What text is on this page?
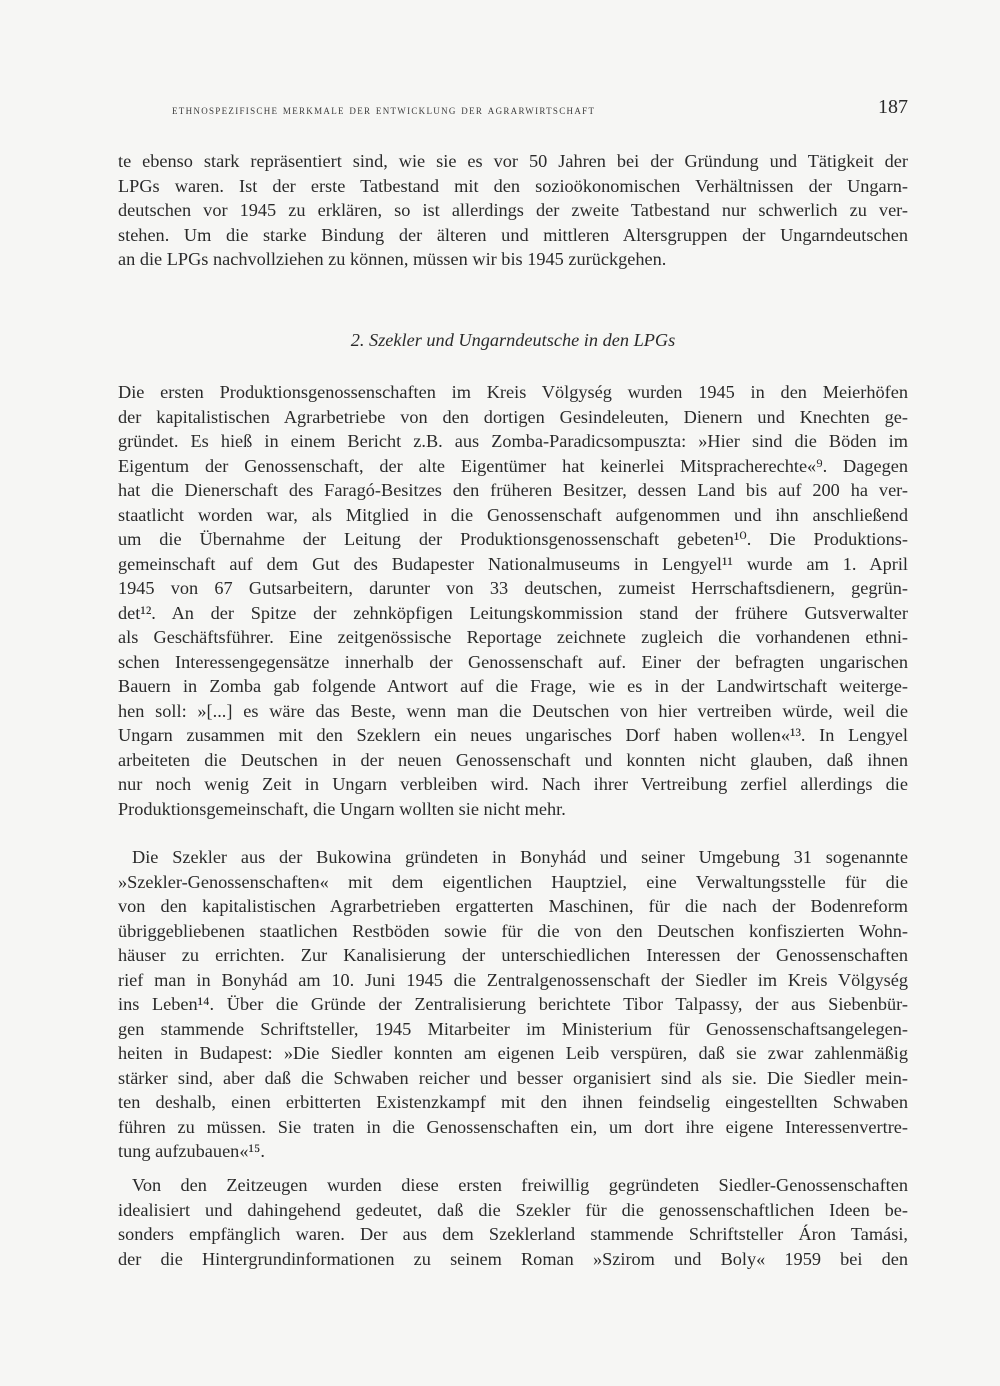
ethnospezifische merkmale der entwicklung der agrarwirtschaft	187
te ebenso stark repräsentiert sind, wie sie es vor 50 Jahren bei der Gründung und Tätigkeit der
LPGs waren. Ist der erste Tatbestand mit den sozioökonomischen Verhältnissen der Ungarn-
deutschen vor 1945 zu erklären, so ist allerdings der zweite Tatbestand nur schwerlich zu ver-
stehen. Um die starke Bindung der älteren und mittleren Altersgruppen der Ungarndeutschen
an die LPGs nachvollziehen zu können, müssen wir bis 1945 zurückgehen.
2. Szekler und Ungarndeutsche in den LPGs
Die ersten Produktionsgenossenschaften im Kreis Völgység wurden 1945 in den Meierhöfen
der kapitalistischen Agrarbetriebe von den dortigen Gesindeleuten, Dienern und Knechten ge-
gründet. Es hieß in einem Bericht z.B. aus Zomba-Paradicsompuszta: »Hier sind die Böden im
Eigentum der Genossenschaft, der alte Eigentümer hat keinerlei Mitspracherechte«⁹. Dagegen
hat die Dienerschaft des Faragó-Besitzes den früheren Besitzer, dessen Land bis auf 200 ha ver-
staatlicht worden war, als Mitglied in die Genossenschaft aufgenommen und ihn anschließend
um die Übernahme der Leitung der Produktionsgenossenschaft gebeten¹⁰. Die Produktions-
gemeinschaft auf dem Gut des Budapester Nationalmuseums in Lengyel¹¹ wurde am 1. April
1945 von 67 Gutsarbeitern, darunter von 33 deutschen, zumeist Herrschaftsdienern, gegrün-
det¹². An der Spitze der zehnköpfigen Leitungskommission stand der frühere Gutsverwalter
als Geschäftsführer. Eine zeitgenössische Reportage zeichnete zugleich die vorhandenen ethni-
schen Interessengegensätze innerhalb der Genossenschaft auf. Einer der befragten ungarischen
Bauern in Zomba gab folgende Antwort auf die Frage, wie es in der Landwirtschaft weiterge-
hen soll: »[...] es wäre das Beste, wenn man die Deutschen von hier vertreiben würde, weil die
Ungarn zusammen mit den Szeklern ein neues ungarisches Dorf haben wollen«¹³. In Lengyel
arbeiteten die Deutschen in der neuen Genossenschaft und konnten nicht glauben, daß ihnen
nur noch wenig Zeit in Ungarn verbleiben wird. Nach ihrer Vertreibung zerfiel allerdings die
Produktionsgemeinschaft, die Ungarn wollten sie nicht mehr.
Die Szekler aus der Bukowina gründeten in Bonyhád und seiner Umgebung 31 sogenannte
»Szekler-Genossenschaften« mit dem eigentlichen Hauptziel, eine Verwaltungsstelle für die
von den kapitalistischen Agrarbetrieben ergatterten Maschinen, für die nach der Bodenreform
übriggebliebenen staatlichen Restböden sowie für die von den Deutschen konfiszierten Wohn-
häuser zu errichten. Zur Kanalisierung der unterschiedlichen Interessen der Genossenschaften
rief man in Bonyhád am 10. Juni 1945 die Zentralgenossenschaft der Siedler im Kreis Völgység
ins Leben¹⁴. Über die Gründe der Zentralisierung berichtete Tibor Talpassy, der aus Siebenbür-
gen stammende Schriftsteller, 1945 Mitarbeiter im Ministerium für Genossenschaftsangelegen-
heiten in Budapest: »Die Siedler konnten am eigenen Leib verspüren, daß sie zwar zahlenmäßig
stärker sind, aber daß die Schwaben reicher und besser organisiert sind als sie. Die Siedler mein-
ten deshalb, einen erbitterten Existenzkampf mit den ihnen feindselig eingestellten Schwaben
führen zu müssen. Sie traten in die Genossenschaften ein, um dort ihre eigene Interessenvertre-
tung aufzubauen«¹⁵.
Von den Zeitzeugen wurden diese ersten freiwillig gegründeten Siedler-Genossenschaften
idealisiert und dahingehend gedeutet, daß die Szekler für die genossenschaftlichen Ideen be-
sonders empfänglich waren. Der aus dem Szeklerland stammende Schriftsteller Áron Tamási,
der die Hintergrundinformationen zu seinem Roman »Szirom und Boly« 1959 bei den
